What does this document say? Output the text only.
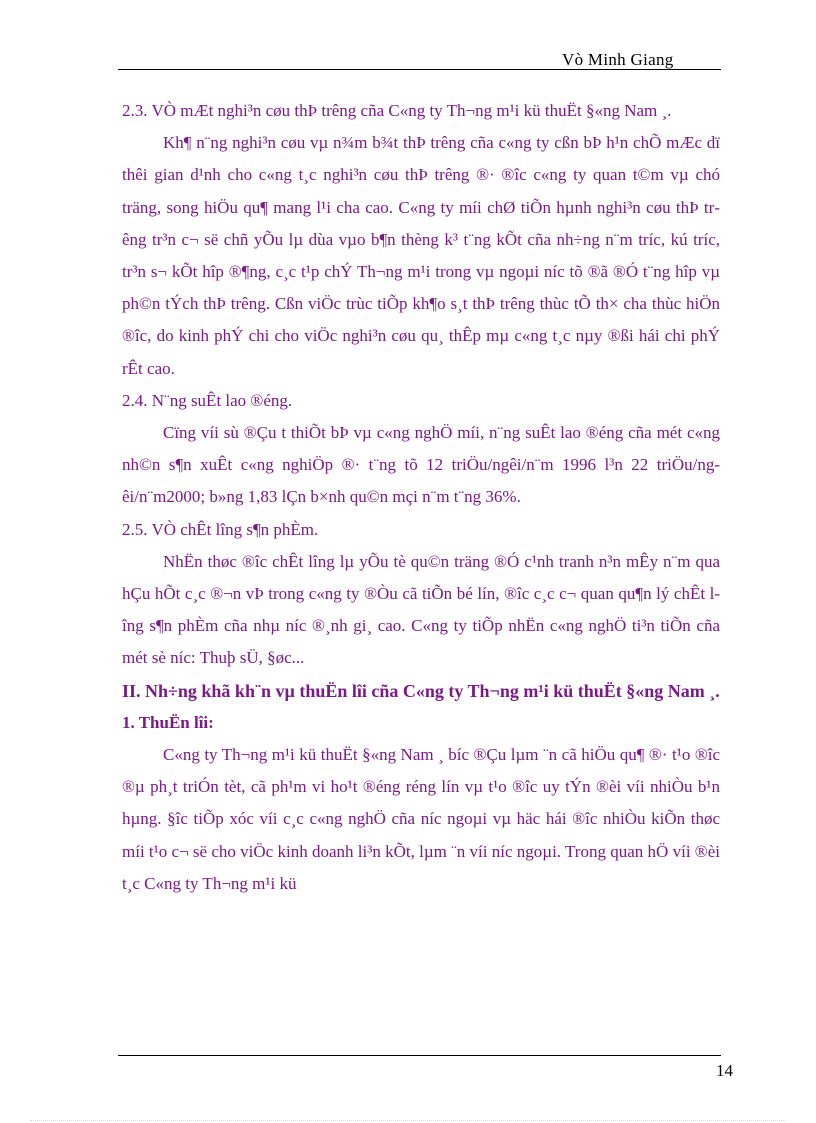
Vò Minh Giang

2.3. VÒ mÆt nghi³n cøu thÞ trêng cña C«ng ty Th¬ng m¹i kü thuËt §«ng Nam ¸.

Kh¶ n¨ng nghi³n cøu vµ n¾m b¾t thÞ trêng cña c«ng ty cßn bÞ h¹n chÕ mÆc dï thêi gian d¹nh cho c«ng t¸c nghi³n cøu thÞ trêng ®· ®îc c«ng ty quan t©m vµ chó träng, song hiÖu qu¶ mang l¹i cha cao. C«ng ty míi chØ tiÕn hµnh nghi³n cøu thÞ trêng tr³n c¬ së chñ yÕu lµ dùa vµo b¶n thèng k³ t¨ng kÕt cña nh÷ng n¨m tríc, kú tríc, tr³n s¬ kÕt hîp ®¶ng, c¸c t¹p chÝ Th¬ng m¹i trong vµ ngoµi níc tõ ®ã ®Ó t¨ng hîp vµ ph©n tÝch thÞ trêng. Cßn viÖc trùc tiÕp kh¶o s¸t thÞ trêng thùc tÕ th× cha thùc hiÖn ®îc, do kinh phÝ chi cho viÖc nghi³n cøu qu¸ thÊp mµ c«ng t¸c nµy ®ßi hái chi phÝ rÊt cao.

2.4. N¨ng suÊt lao ®éng.

Cïng víi sù ®Çu t thiÕt bÞ vµ c«ng nghÖ míi, n¨ng suÊt lao ®éng cña mét c«ng nh©n s¶n xuÊt c«ng nghiÖp ®· t¨ng tõ 12 triÖu/ngêi/n¨m 1996 l³n 22 triÖu/ngêi/n¨m2000; b»ng 1,83 lÇn b×nh qu©n mçi n¨m t¨ng 36%.

2.5. VÒ chÊt lîng s¶n phÈm.

NhËn thøc ®îc chÊt lîng lµ yÕu tè qu©n träng ®Ó c¹nh tranh n³n mÊy n¨m qua hÇu hÕt c¸c ®¬n vÞ trong c«ng ty ®Òu cã tiÕn bé lín, ®îc c¸c c¬ quan qu¶n lý chÊt lîng s¶n phÈm cña nhµ níc ®¸nh gi¸ cao. C«ng ty tiÕp nhËn c«ng nghÖ ti³n tiÕn cña mét sè níc: Thuþ sÜ, §øc...

II. Nh÷ng khã kh¨n vµ thuËn lîi cña C«ng ty Th¬ng m¹i kü thuËt §«ng Nam ¸.

1. ThuËn lîi:

C«ng ty Th¬ng m¹i kü thuËt §«ng Nam ¸ bíc ®Çu lµm ¨n cã hiÖu qu¶ ®· t¹o ®îc ®µ ph¸t triÓn tèt, cã ph¹m vi ho¹t ®éng réng lín vµ t¹o ®îc uy tÝn ®èi víi nhiÒu b¹n hµng. §îc tiÕp xóc víi c¸c c«ng nghÖ cña níc ngoµi vµ häc hái ®îc nhiÒu kiÕn thøc míi t¹o c¬ së cho viÖc kinh doanh li³n kÕt, lµm ¨n víi níc ngoµi. Trong quan hÖ víi ®èi t¸c C«ng ty Th¬ng m¹i kü

14
